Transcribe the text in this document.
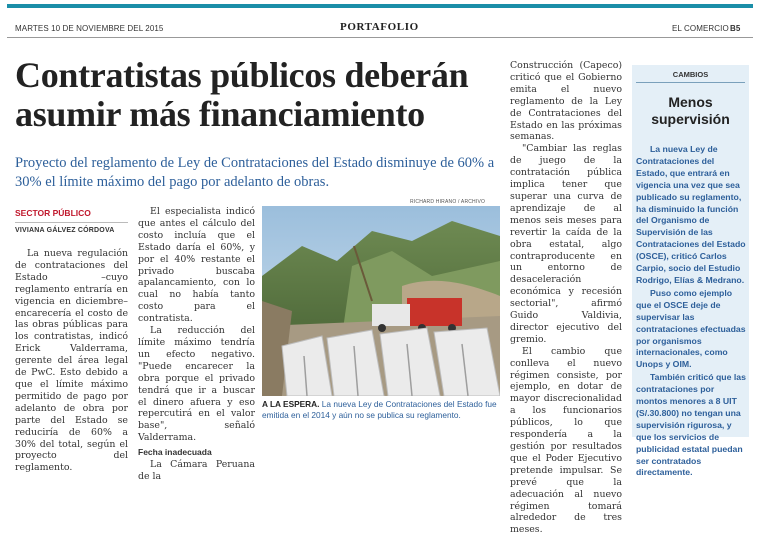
MARTES 10 DE NOVIEMBRE DEL 2015	PORTAFOLIO	EL COMERCIO B5
Contratistas públicos deberán asumir más financiamiento
Proyecto del reglamento de Ley de Contrataciones del Estado disminuye de 60% a 30% el límite máximo del pago por adelanto de obras.
SECTOR PÚBLICO
VIVIANA GÁLVEZ CÓRDOVA

La nueva regulación de contrataciones del Estado –cuyo reglamento entraría en vigencia en diciembre– encarecería el costo de las obras públicas para los contratistas, indicó Erick Valderrama, gerente del área legal de PwC. Esto debido a que el límite máximo permitido de pago por adelanto de obra por parte del Estado se reduciría de 60% a 30% del total, según el proyecto del reglamento.

El especialista indicó que antes el cálculo del costo incluía que el Estado daría el 60%, y por el 40% restante el privado buscaba apalancamiento, con lo cual no había tanto costo para el contratista.

La reducción del límite máximo tendría un efecto negativo. "Puede encarecer la obra porque el privado tendrá que ir a buscar el dinero afuera y eso repercutirá en el valor base", señaló Valderrama.

Fecha inadecuada

La Cámara Peruana de la

RICHARD HIRANO / ARCHIVO
A LA ESPERA. La nueva Ley de Contrataciones del Estado fue emitida en el 2014 y aún no se publica su reglamento.

Construcción (Capeco) criticó que el Gobierno emita el nuevo reglamento de la Ley de Contrataciones del Estado en las próximas semanas.

"Cambiar las reglas de juego de la contratación pública implica tener que superar una curva de aprendizaje de al menos seis meses para revertir la caída de la obra estatal, algo contraproducente en un entorno de desaceleración económica y recesión sectorial", afirmó Guido Valdivia, director ejecutivo del gremio.

El cambio que conlleva el nuevo régimen consiste, por ejemplo, en dotar de mayor discrecionalidad a los funcionarios públicos, lo que respondería a la gestión por resultados que el Poder Ejecutivo pretende impulsar. Se prevé que la adecuación al nuevo régimen tomará alrededor de tres meses.

CAMBIOS
Menos supervisión

La nueva Ley de Contrataciones del Estado, que entrará en vigencia una vez que sea publicado su reglamento, ha disminuido la función del Organismo de Supervisión de las Contrataciones del Estado (OSCE), criticó Carlos Carpio, socio del Estudio Rodrigo, Elías & Medrano.

Puso como ejemplo que el OSCE deje de supervisar las contrataciones efectuadas por organismos internacionales, como Unops y OIM.

También criticó que las contrataciones por montos menores a 8 UIT (S/.30.800) no tengan una supervisión rigurosa, y que los servicios de publicidad estatal puedan ser contratados directamente.
